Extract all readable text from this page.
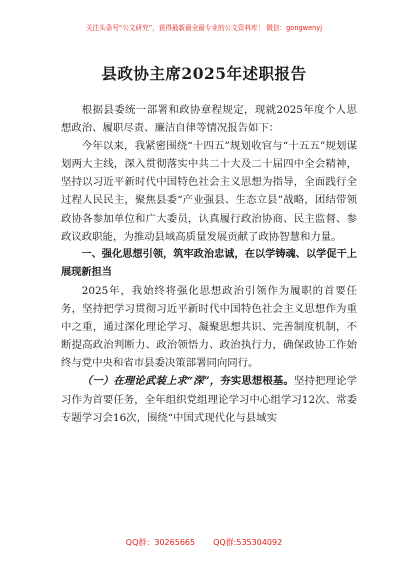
关注头条号“公文研究”，获得最新最全最专业的公文资料库！ 微信：gongwenyj
县政协主席2025年述职报告

根据县委统一部署和政协章程规定，现就2025年度个人思想政治、履职尽责、廉洁自律等情况报告如下：

今年以来，我紧密围绕“十四五”规划收官与“十五五”规划谋划两大主线，深入贯彻落实中共二十大及二十届四中全会精神，坚持以习近平新时代中国特色社会主义思想为指导，全面践行全过程人民民主，聚焦县委“产业强县、生态立县”战略，团结带领政协各参加单位和广大委员，认真履行政治协商、民主监督、参政议政职能，为推动县域高质量发展贡献了政协智慧和力量。

一、强化思想引领，筑牢政治忠诚，在以学铸魂、以学促干上展现新担当

2025年，我始终将强化思想政治引领作为履职的首要任务，坚持把学习贯彻习近平新时代中国特色社会主义思想作为重中之重，通过深化理论学习、凝聚思想共识、完善制度机制，不断提高政治判断力、政治领悟力、政治执行力，确保政协工作始终与党中央和省市县委决策部署同向同行。

（一）在理论武装上求“深”，夯实思想根基。坚持把理论学习作为首要任务，全年组织党组理论学习中心组学习12次、常委专题学习会16次，围绕“中国式现代化与县域实

QQ群：30265665 QQ群:535304092
